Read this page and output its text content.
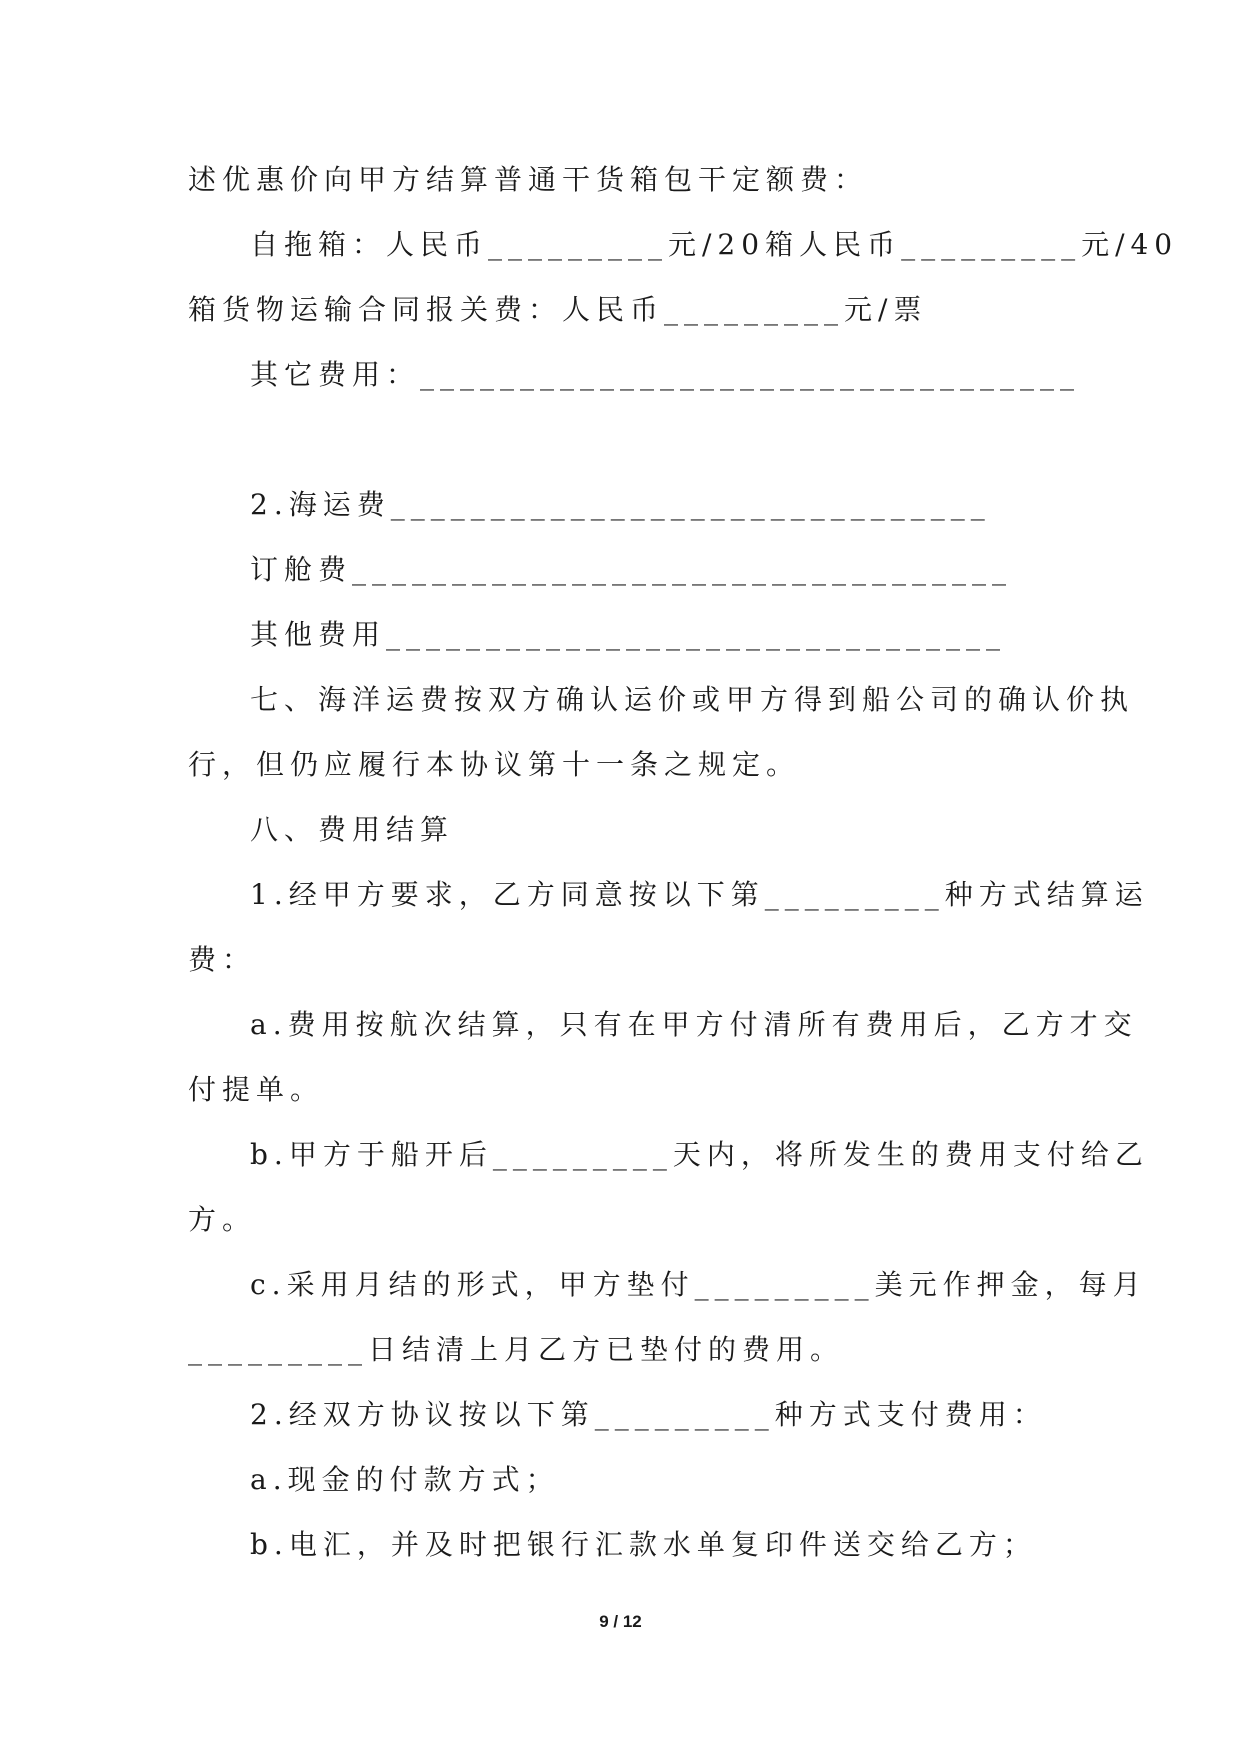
述优惠价向甲方结算普通干货箱包干定额费：
自拖箱：人民币_________元/20箱人民币_________元/40
箱货物运输合同报关费：人民币_________元/票
其它费用：_________________________________
2.海运费______________________________
订舱费_________________________________
其他费用_______________________________
七、海洋运费按双方确认运价或甲方得到船公司的确认价执
行，但仍应履行本协议第十一条之规定。
八、费用结算
1.经甲方要求，乙方同意按以下第_________种方式结算运
费：
a.费用按航次结算，只有在甲方付清所有费用后，乙方才交
付提单。
b.甲方于船开后_________天内，将所发生的费用支付给乙
方。
c.采用月结的形式，甲方垫付_________美元作押金，每月
_________日结清上月乙方已垫付的费用。
2.经双方协议按以下第_________种方式支付费用：
a.现金的付款方式；
b.电汇，并及时把银行汇款水单复印件送交给乙方；
9 / 12
